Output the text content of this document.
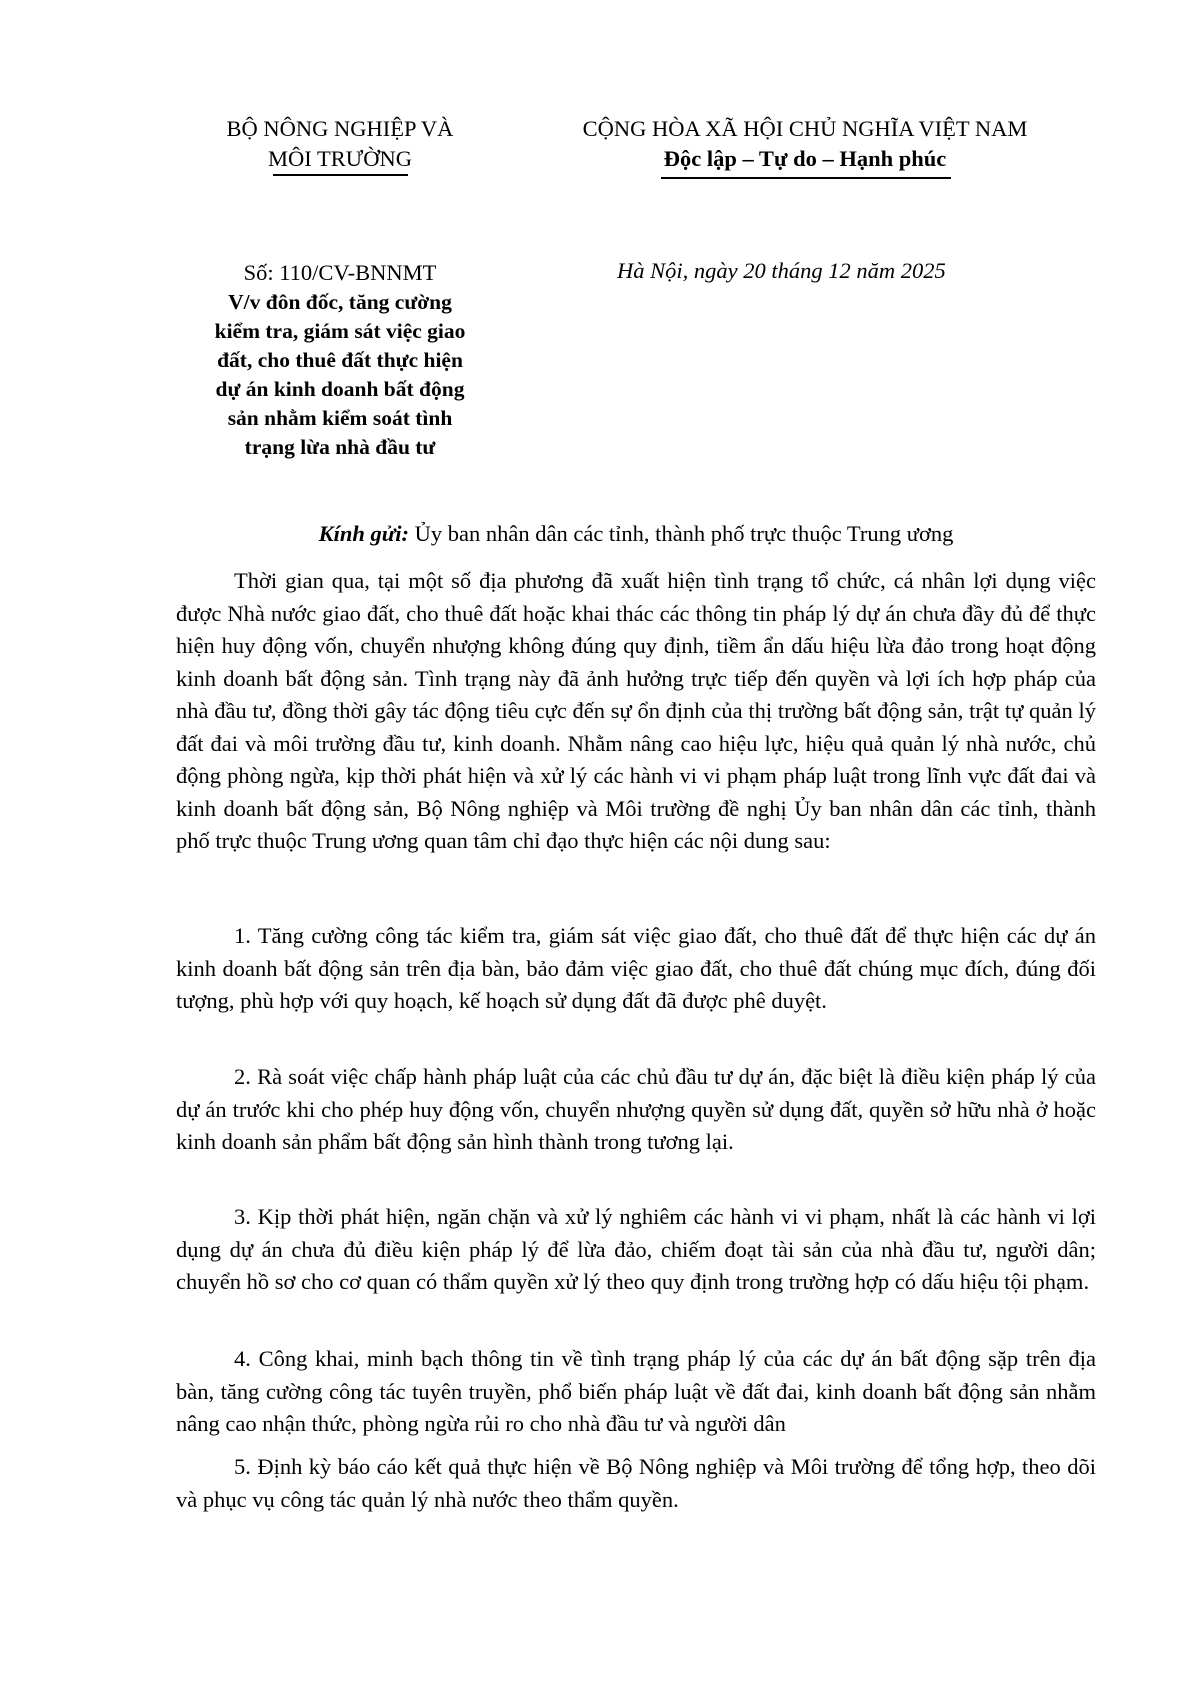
BỘ NÔNG NGHIỆP VÀ
MÔI TRƯỜNG
CỘNG HÒA XÃ HỘI CHỦ NGHĨA VIỆT NAM
Độc lập – Tự do – Hạnh phúc
Số: 110/CV-BNNMT
V/v đôn đốc, tăng cường
kiểm tra, giám sát việc giao
đất, cho thuê đất thực hiện
dự án kinh doanh bất động
sản nhằm kiểm soát tình
trạng lừa nhà đầu tư
Hà Nội, ngày 20 tháng 12 năm 2025
Kính gửi: Ủy ban nhân dân các tỉnh, thành phố trực thuộc Trung ương

Thời gian qua, tại một số địa phương đã xuất hiện tình trạng tổ chức, cá nhân lợi dụng việc được Nhà nước giao đất, cho thuê đất hoặc khai thác các thông tin pháp lý dự án chưa đầy đủ để thực hiện huy động vốn, chuyển nhượng không đúng quy định, tiềm ẩn dấu hiệu lừa đảo trong hoạt động kinh doanh bất động sản. Tình trạng này đã ảnh hưởng trực tiếp đến quyền và lợi ích hợp pháp của nhà đầu tư, đồng thời gây tác động tiêu cực đến sự ổn định của thị trường bất động sản, trật tự quản lý đất đai và môi trường đầu tư, kinh doanh. Nhằm nâng cao hiệu lực, hiệu quả quản lý nhà nước, chủ động phòng ngừa, kịp thời phát hiện và xử lý các hành vi vi phạm pháp luật trong lĩnh vực đất đai và kinh doanh bất động sản, Bộ Nông nghiệp và Môi trường đề nghị Ủy ban nhân dân các tỉnh, thành phố trực thuộc Trung ương quan tâm chỉ đạo thực hiện các nội dung sau:

1. Tăng cường công tác kiểm tra, giám sát việc giao đất, cho thuê đất để thực hiện các dự án kinh doanh bất động sản trên địa bàn, bảo đảm việc giao đất, cho thuê đất chúng mục đích, đúng đối tượng, phù hợp với quy hoạch, kế hoạch sử dụng đất đã được phê duyệt.

2. Rà soát việc chấp hành pháp luật của các chủ đầu tư dự án, đặc biệt là điều kiện pháp lý của dự án trước khi cho phép huy động vốn, chuyển nhượng quyền sử dụng đất, quyền sở hữu nhà ở hoặc kinh doanh sản phẩm bất động sản hình thành trong tương lại.

3. Kịp thời phát hiện, ngăn chặn và xử lý nghiêm các hành vi vi phạm, nhất là các hành vi lợi dụng dự án chưa đủ điều kiện pháp lý để lừa đảo, chiếm đoạt tài sản của nhà đầu tư, người dân; chuyển hồ sơ cho cơ quan có thẩm quyền xử lý theo quy định trong trường hợp có dấu hiệu tội phạm.

4. Công khai, minh bạch thông tin về tình trạng pháp lý của các dự án bất động sặp trên địa bàn, tăng cường công tác tuyên truyền, phổ biến pháp luật về đất đai, kinh doanh bất động sản nhằm nâng cao nhận thức, phòng ngừa rủi ro cho nhà đầu tư và người dân

5. Định kỳ báo cáo kết quả thực hiện về Bộ Nông nghiệp và Môi trường để tổng hợp, theo dõi và phục vụ công tác quản lý nhà nước theo thẩm quyền.
